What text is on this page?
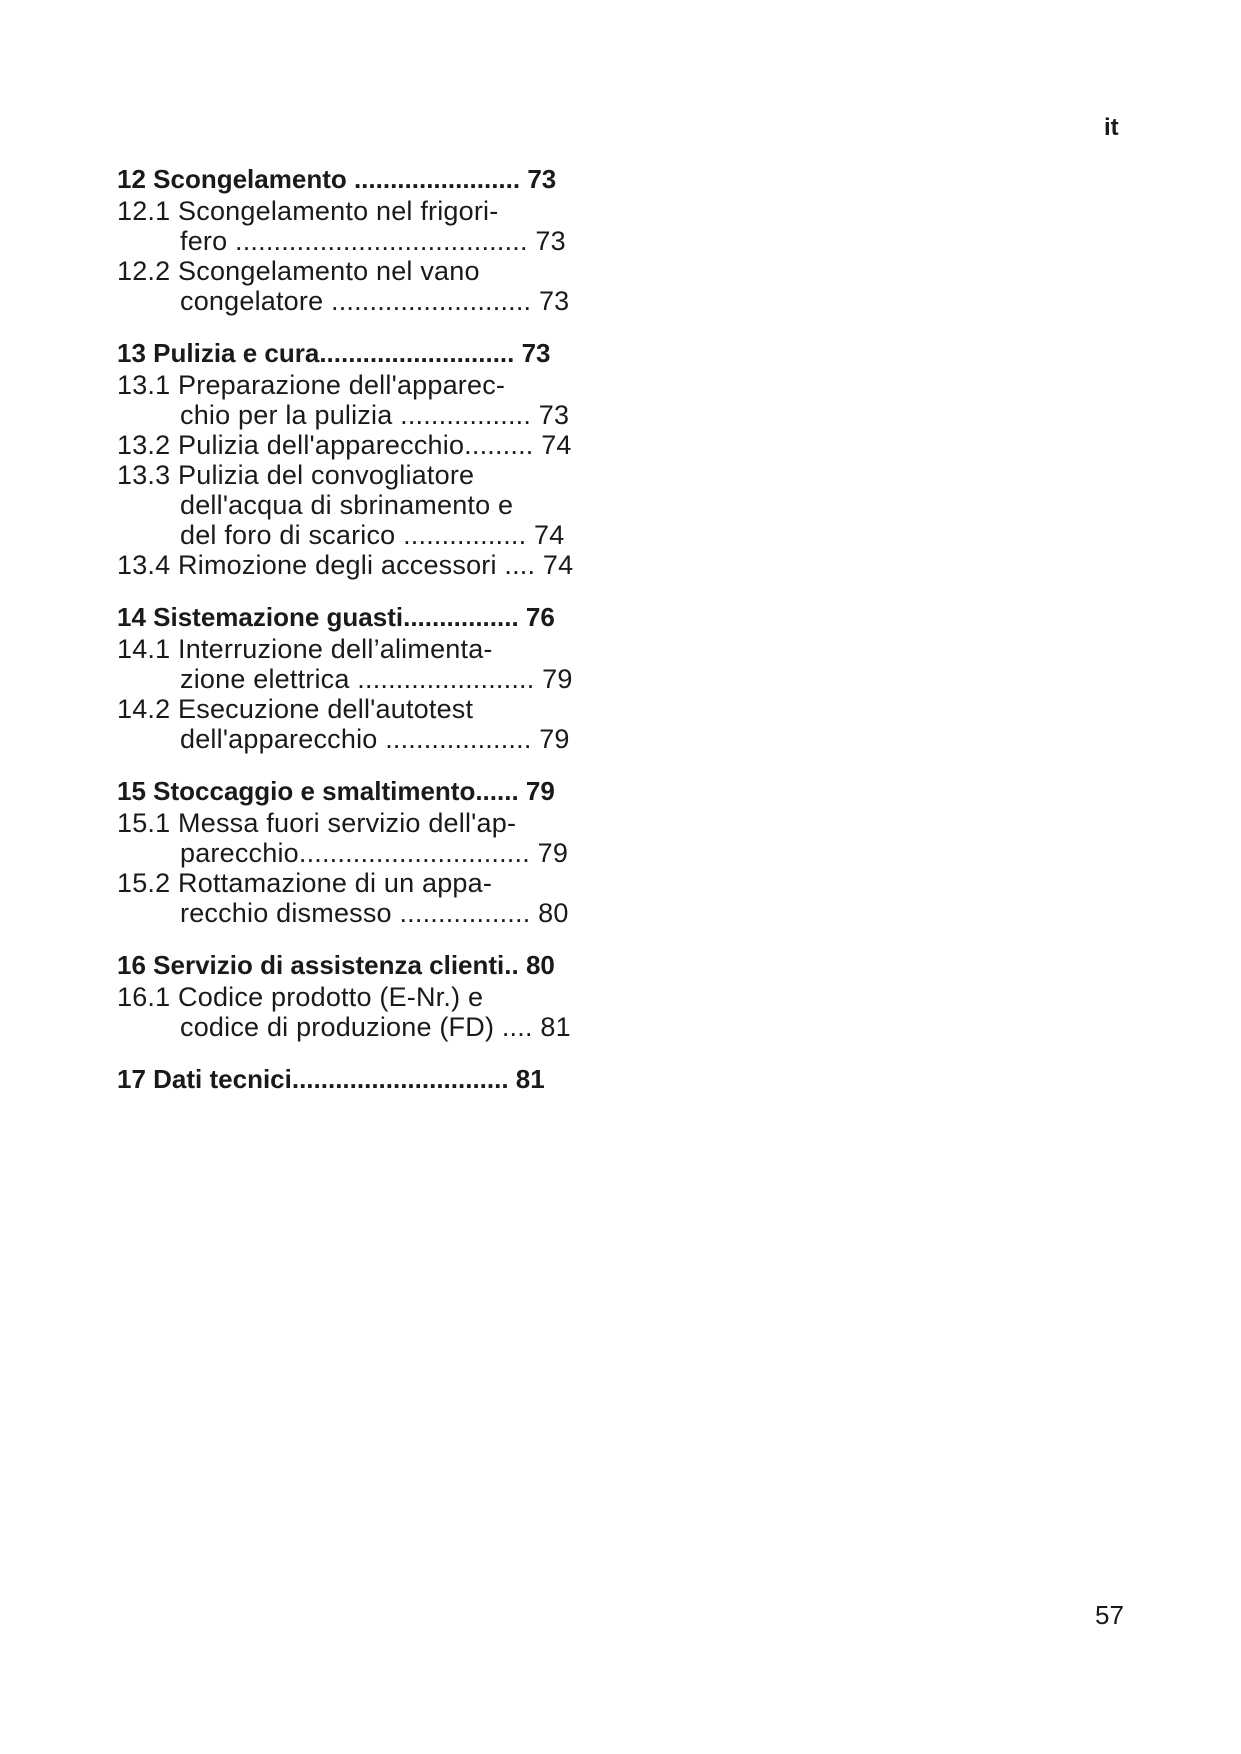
it
12 Scongelamento ....................... 73
12.1 Scongelamento nel frigori-
fero ...................................... 73
12.2 Scongelamento nel vano
congelatore .......................... 73
13 Pulizia e cura........................... 73
13.1 Preparazione dell'apparec-
chio per la pulizia ................. 73
13.2 Pulizia dell'apparecchio......... 74
13.3 Pulizia del convogliatore
dell'acqua di sbrinamento e
del foro di scarico ................ 74
13.4 Rimozione degli accessori .... 74
14 Sistemazione guasti................ 76
14.1 Interruzione dell’alimenta-
zione elettrica ....................... 79
14.2 Esecuzione dell'autotest
dell'apparecchio ................... 79
15 Stoccaggio e smaltimento...... 79
15.1 Messa fuori servizio dell'ap-
parecchio.............................. 79
15.2 Rottamazione di un appa-
recchio dismesso ................. 80
16 Servizio di assistenza clienti.. 80
16.1 Codice prodotto (E-Nr.) e
codice di produzione (FD) .... 81
17 Dati tecnici.............................. 81
57
